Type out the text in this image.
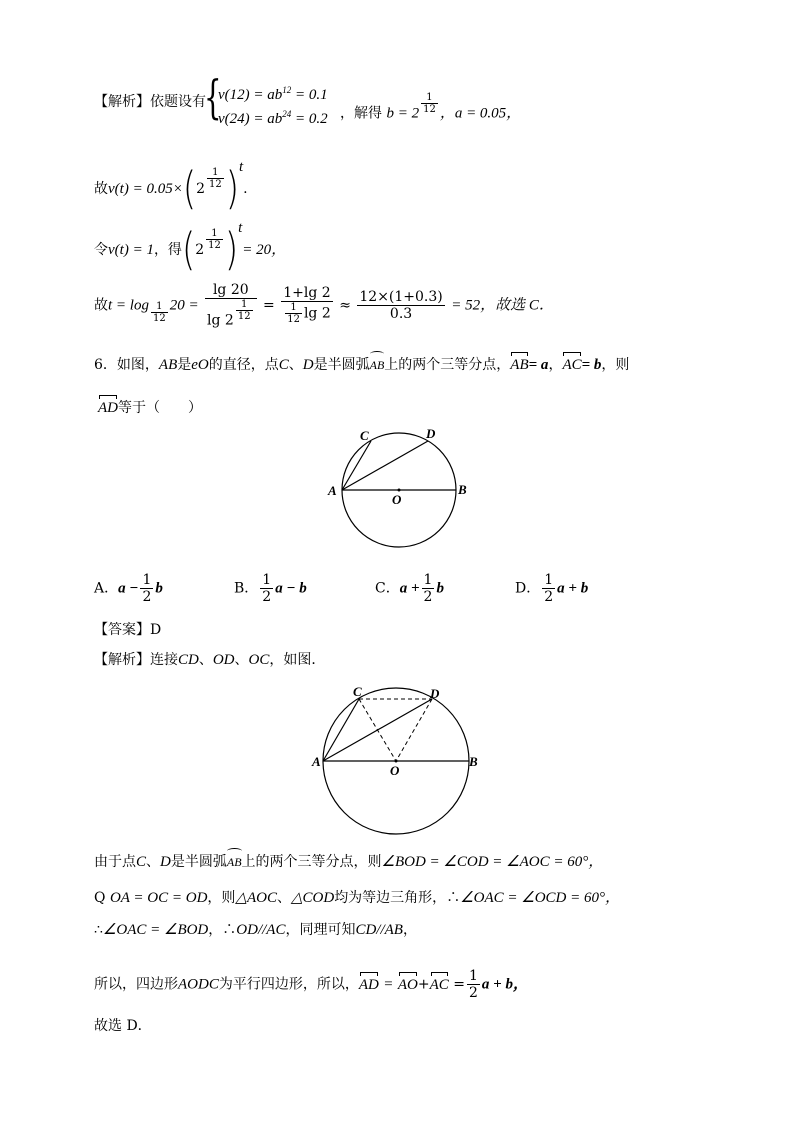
【解析】依题设有
{
$v(12) = ab^{12} = 0.1$
$v(24) = ab^{24} = 0.2$ ，解得 $b = 2 \frac{1}{12}$ ，a = 0.05，
故$v(t) = 0.05\times(2 \frac{1}{12} )^t$.
令v(t) = 1，得$(2 \frac{1}{12} )^t= 20$，
故$t = \log \frac{1}{12} 20 = \frac{\lg 20}{\lg 2 \frac{1}{12}} = \frac{1+\lg 2}{\frac{1}{12} \lg 2} \approx \frac{12\times(1+0.3)}{0.3} = 52$，故选 C．
6．如图，AB是eO的直径，点C、D是半圆弧AB上的两个三等分点，AB= a，AC= b，则
AD等于（　　）
A	B
C	D
O
A．$a - \frac{1}{2}$ b	B． $\frac{1}{2}$ a − b	C．$a + \frac{1}{2}$ b	D． $\frac{1}{2}$ a + b
【答案】D
【解析】连接CD、OD、OC，如图．
A	B
C	D
O
由于点C、D是半圆弧AB上的两个三等分点，则∠BOD = ∠COD = ∠AOC = 60°，
Q OA = OC = OD，则△AOC、△COD均为等边三角形，∴∠OAC = ∠OCD = 60°，
∴∠OAC = ∠BOD，∴OD//AC，同理可知CD//AB，
所以，四边形AODC为平行四边形，所以，AD = $AO+AC = \frac{1}{2}$ a + b，
故选 D．
